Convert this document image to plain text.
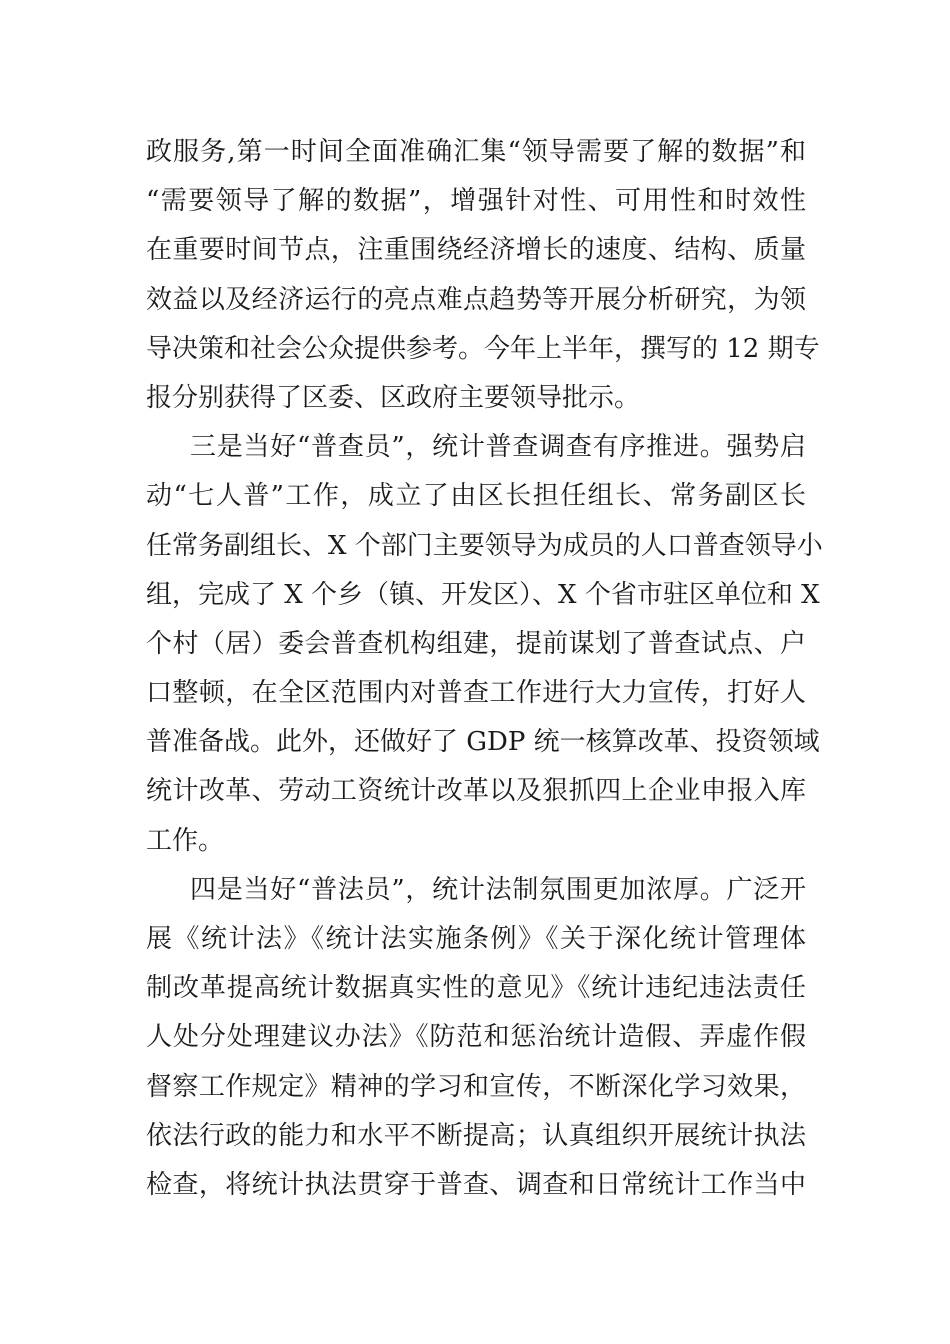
政服务,第一时间全面准确汇集“领导需要了解的数据”和
“需要领导了解的数据”，增强针对性、可用性和时效性
在重要时间节点，注重围绕经济增长的速度、结构、质量
效益以及经济运行的亮点难点趋势等开展分析研究，为领
导决策和社会公众提供参考。今年上半年，撰写的 12 期专
报分别获得了区委、区政府主要领导批示。
三是当好“普查员”，统计普查调查有序推进。强势启
动“七人普”工作，成立了由区长担任组长、常务副区长
任常务副组长、X 个部门主要领导为成员的人口普查领导小
组，完成了 X 个乡（镇、开发区）、X 个省市驻区单位和 X
个村（居）委会普查机构组建，提前谋划了普查试点、户
口整顿，在全区范围内对普查工作进行大力宣传，打好人
普准备战。此外，还做好了 GDP 统一核算改革、投资领域
统计改革、劳动工资统计改革以及狠抓四上企业申报入库
工作。
四是当好“普法员”，统计法制氛围更加浓厚。广泛开
展《统计法》《统计法实施条例》《关于深化统计管理体
制改革提高统计数据真实性的意见》《统计违纪违法责任
人处分处理建议办法》《防范和惩治统计造假、弄虚作假
督察工作规定》精神的学习和宣传，不断深化学习效果，
依法行政的能力和水平不断提高；认真组织开展统计执法
检查，将统计执法贯穿于普查、调查和日常统计工作当中
